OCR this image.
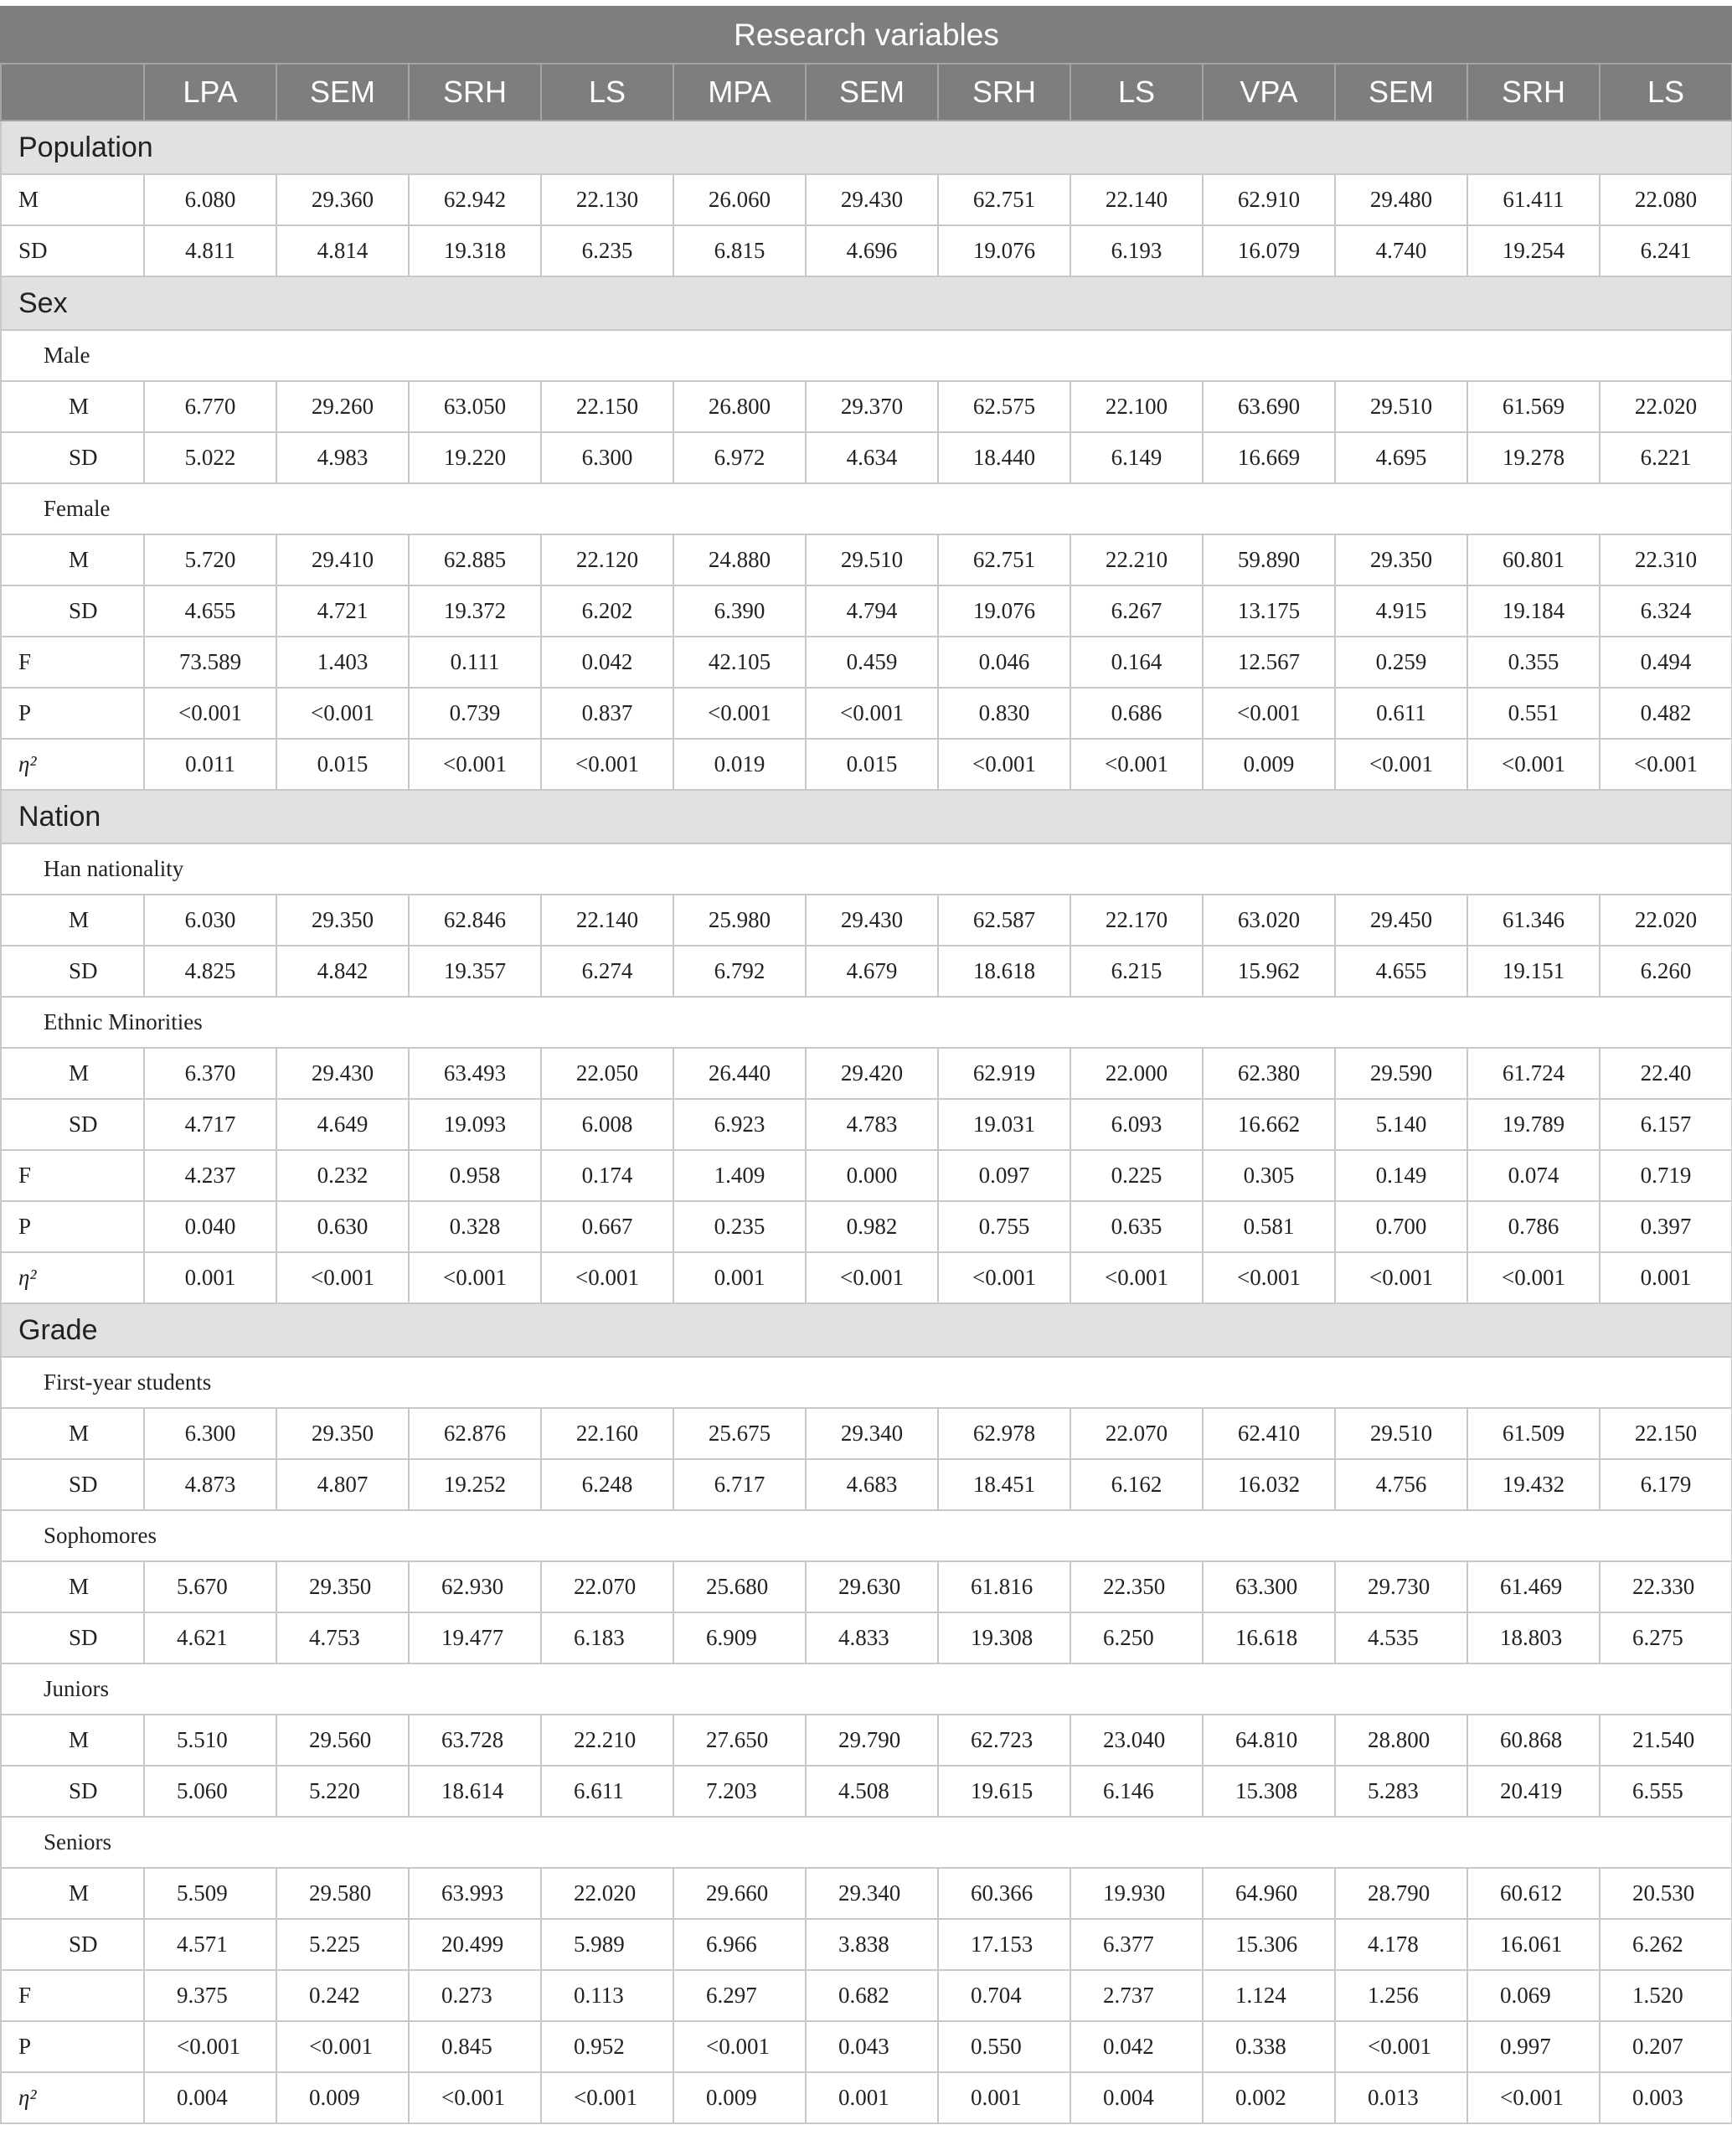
Research variables												
	LPA	SEM	SRH	LS	MPA	SEM	SRH	LS	VPA	SEM	SRH	LS
Population												
M	6.080	29.360	62.942	22.130	26.060	29.430	62.751	22.140	62.910	29.480	61.411	22.080
SD	4.811	4.814	19.318	6.235	6.815	4.696	19.076	6.193	16.079	4.740	19.254	6.241
Sex												
Male												
M	6.770	29.260	63.050	22.150	26.800	29.370	62.575	22.100	63.690	29.510	61.569	22.020
SD	5.022	4.983	19.220	6.300	6.972	4.634	18.440	6.149	16.669	4.695	19.278	6.221
Female												
M	5.720	29.410	62.885	22.120	24.880	29.510	62.751	22.210	59.890	29.350	60.801	22.310
SD	4.655	4.721	19.372	6.202	6.390	4.794	19.076	6.267	13.175	4.915	19.184	6.324
F	73.589	1.403	0.111	0.042	42.105	0.459	0.046	0.164	12.567	0.259	0.355	0.494
P	<0.001	<0.001	0.739	0.837	<0.001	<0.001	0.830	0.686	<0.001	0.611	0.551	0.482
η²	0.011	0.015	<0.001	<0.001	0.019	0.015	<0.001	<0.001	0.009	<0.001	<0.001	<0.001
Nation												
Han nationality												
M	6.030	29.350	62.846	22.140	25.980	29.430	62.587	22.170	63.020	29.450	61.346	22.020
SD	4.825	4.842	19.357	6.274	6.792	4.679	18.618	6.215	15.962	4.655	19.151	6.260
Ethnic Minorities												
M	6.370	29.430	63.493	22.050	26.440	29.420	62.919	22.000	62.380	29.590	61.724	22.40
SD	4.717	4.649	19.093	6.008	6.923	4.783	19.031	6.093	16.662	5.140	19.789	6.157
F	4.237	0.232	0.958	0.174	1.409	0.000	0.097	0.225	0.305	0.149	0.074	0.719
P	0.040	0.630	0.328	0.667	0.235	0.982	0.755	0.635	0.581	0.700	0.786	0.397
η²	0.001	<0.001	<0.001	<0.001	0.001	<0.001	<0.001	<0.001	<0.001	<0.001	<0.001	0.001
Grade												
First-year students												
M	6.300	29.350	62.876	22.160	25.675	29.340	62.978	22.070	62.410	29.510	61.509	22.150
SD	4.873	4.807	19.252	6.248	6.717	4.683	18.451	6.162	16.032	4.756	19.432	6.179
Sophomores												
M	5.670	29.350	62.930	22.070	25.680	29.630	61.816	22.350	63.300	29.730	61.469	22.330
SD	4.621	4.753	19.477	6.183	6.909	4.833	19.308	6.250	16.618	4.535	18.803	6.275
Juniors												
M	5.510	29.560	63.728	22.210	27.650	29.790	62.723	23.040	64.810	28.800	60.868	21.540
SD	5.060	5.220	18.614	6.611	7.203	4.508	19.615	6.146	15.308	5.283	20.419	6.555
Seniors												
M	5.509	29.580	63.993	22.020	29.660	29.340	60.366	19.930	64.960	28.790	60.612	20.530
SD	4.571	5.225	20.499	5.989	6.966	3.838	17.153	6.377	15.306	4.178	16.061	6.262
F	9.375	0.242	0.273	0.113	6.297	0.682	0.704	2.737	1.124	1.256	0.069	1.520
P	<0.001	<0.001	0.845	0.952	<0.001	0.043	0.550	0.042	0.338	<0.001	0.997	0.207
η²	0.004	0.009	<0.001	<0.001	0.009	0.001	0.001	0.004	0.002	0.013	<0.001	0.003
